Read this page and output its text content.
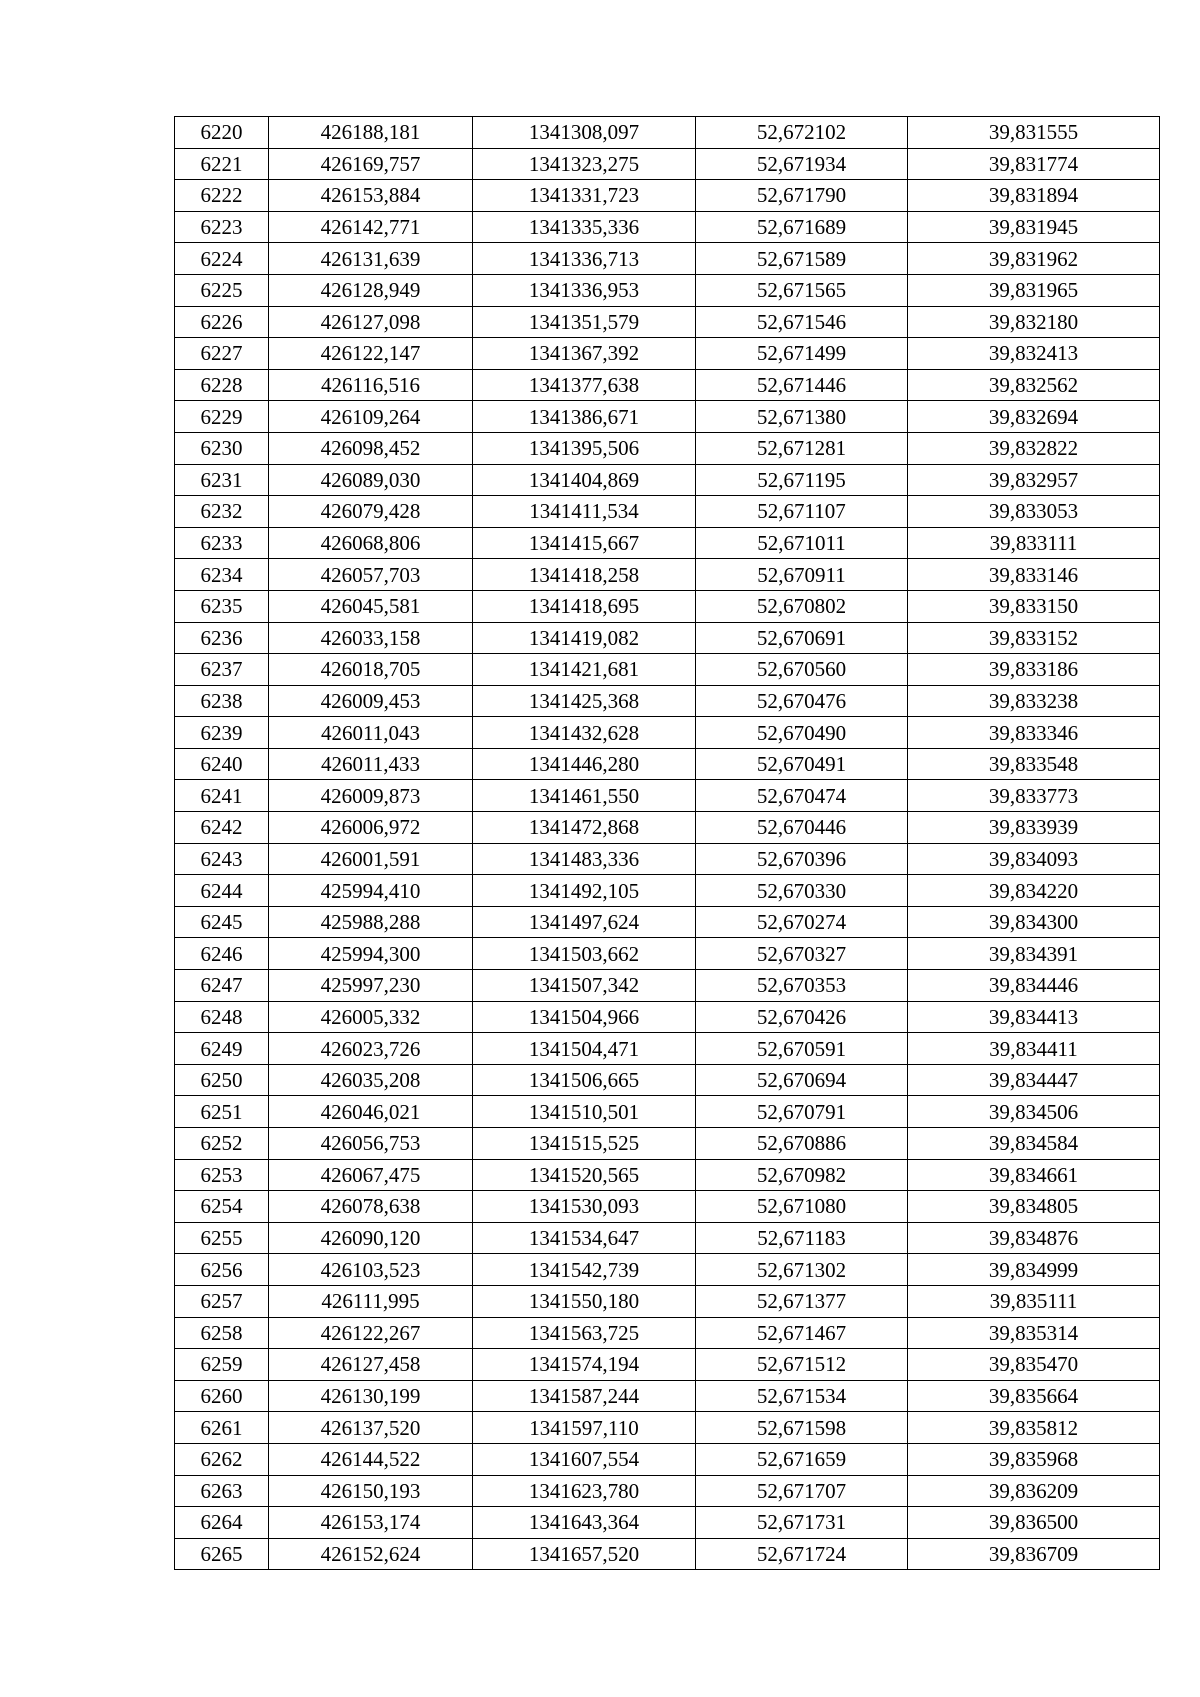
6220	426188,181	1341308,097	52,672102	39,831555
6221	426169,757	1341323,275	52,671934	39,831774
6222	426153,884	1341331,723	52,671790	39,831894
6223	426142,771	1341335,336	52,671689	39,831945
6224	426131,639	1341336,713	52,671589	39,831962
6225	426128,949	1341336,953	52,671565	39,831965
6226	426127,098	1341351,579	52,671546	39,832180
6227	426122,147	1341367,392	52,671499	39,832413
6228	426116,516	1341377,638	52,671446	39,832562
6229	426109,264	1341386,671	52,671380	39,832694
6230	426098,452	1341395,506	52,671281	39,832822
6231	426089,030	1341404,869	52,671195	39,832957
6232	426079,428	1341411,534	52,671107	39,833053
6233	426068,806	1341415,667	52,671011	39,833111
6234	426057,703	1341418,258	52,670911	39,833146
6235	426045,581	1341418,695	52,670802	39,833150
6236	426033,158	1341419,082	52,670691	39,833152
6237	426018,705	1341421,681	52,670560	39,833186
6238	426009,453	1341425,368	52,670476	39,833238
6239	426011,043	1341432,628	52,670490	39,833346
6240	426011,433	1341446,280	52,670491	39,833548
6241	426009,873	1341461,550	52,670474	39,833773
6242	426006,972	1341472,868	52,670446	39,833939
6243	426001,591	1341483,336	52,670396	39,834093
6244	425994,410	1341492,105	52,670330	39,834220
6245	425988,288	1341497,624	52,670274	39,834300
6246	425994,300	1341503,662	52,670327	39,834391
6247	425997,230	1341507,342	52,670353	39,834446
6248	426005,332	1341504,966	52,670426	39,834413
6249	426023,726	1341504,471	52,670591	39,834411
6250	426035,208	1341506,665	52,670694	39,834447
6251	426046,021	1341510,501	52,670791	39,834506
6252	426056,753	1341515,525	52,670886	39,834584
6253	426067,475	1341520,565	52,670982	39,834661
6254	426078,638	1341530,093	52,671080	39,834805
6255	426090,120	1341534,647	52,671183	39,834876
6256	426103,523	1341542,739	52,671302	39,834999
6257	426111,995	1341550,180	52,671377	39,835111
6258	426122,267	1341563,725	52,671467	39,835314
6259	426127,458	1341574,194	52,671512	39,835470
6260	426130,199	1341587,244	52,671534	39,835664
6261	426137,520	1341597,110	52,671598	39,835812
6262	426144,522	1341607,554	52,671659	39,835968
6263	426150,193	1341623,780	52,671707	39,836209
6264	426153,174	1341643,364	52,671731	39,836500
6265	426152,624	1341657,520	52,671724	39,836709
